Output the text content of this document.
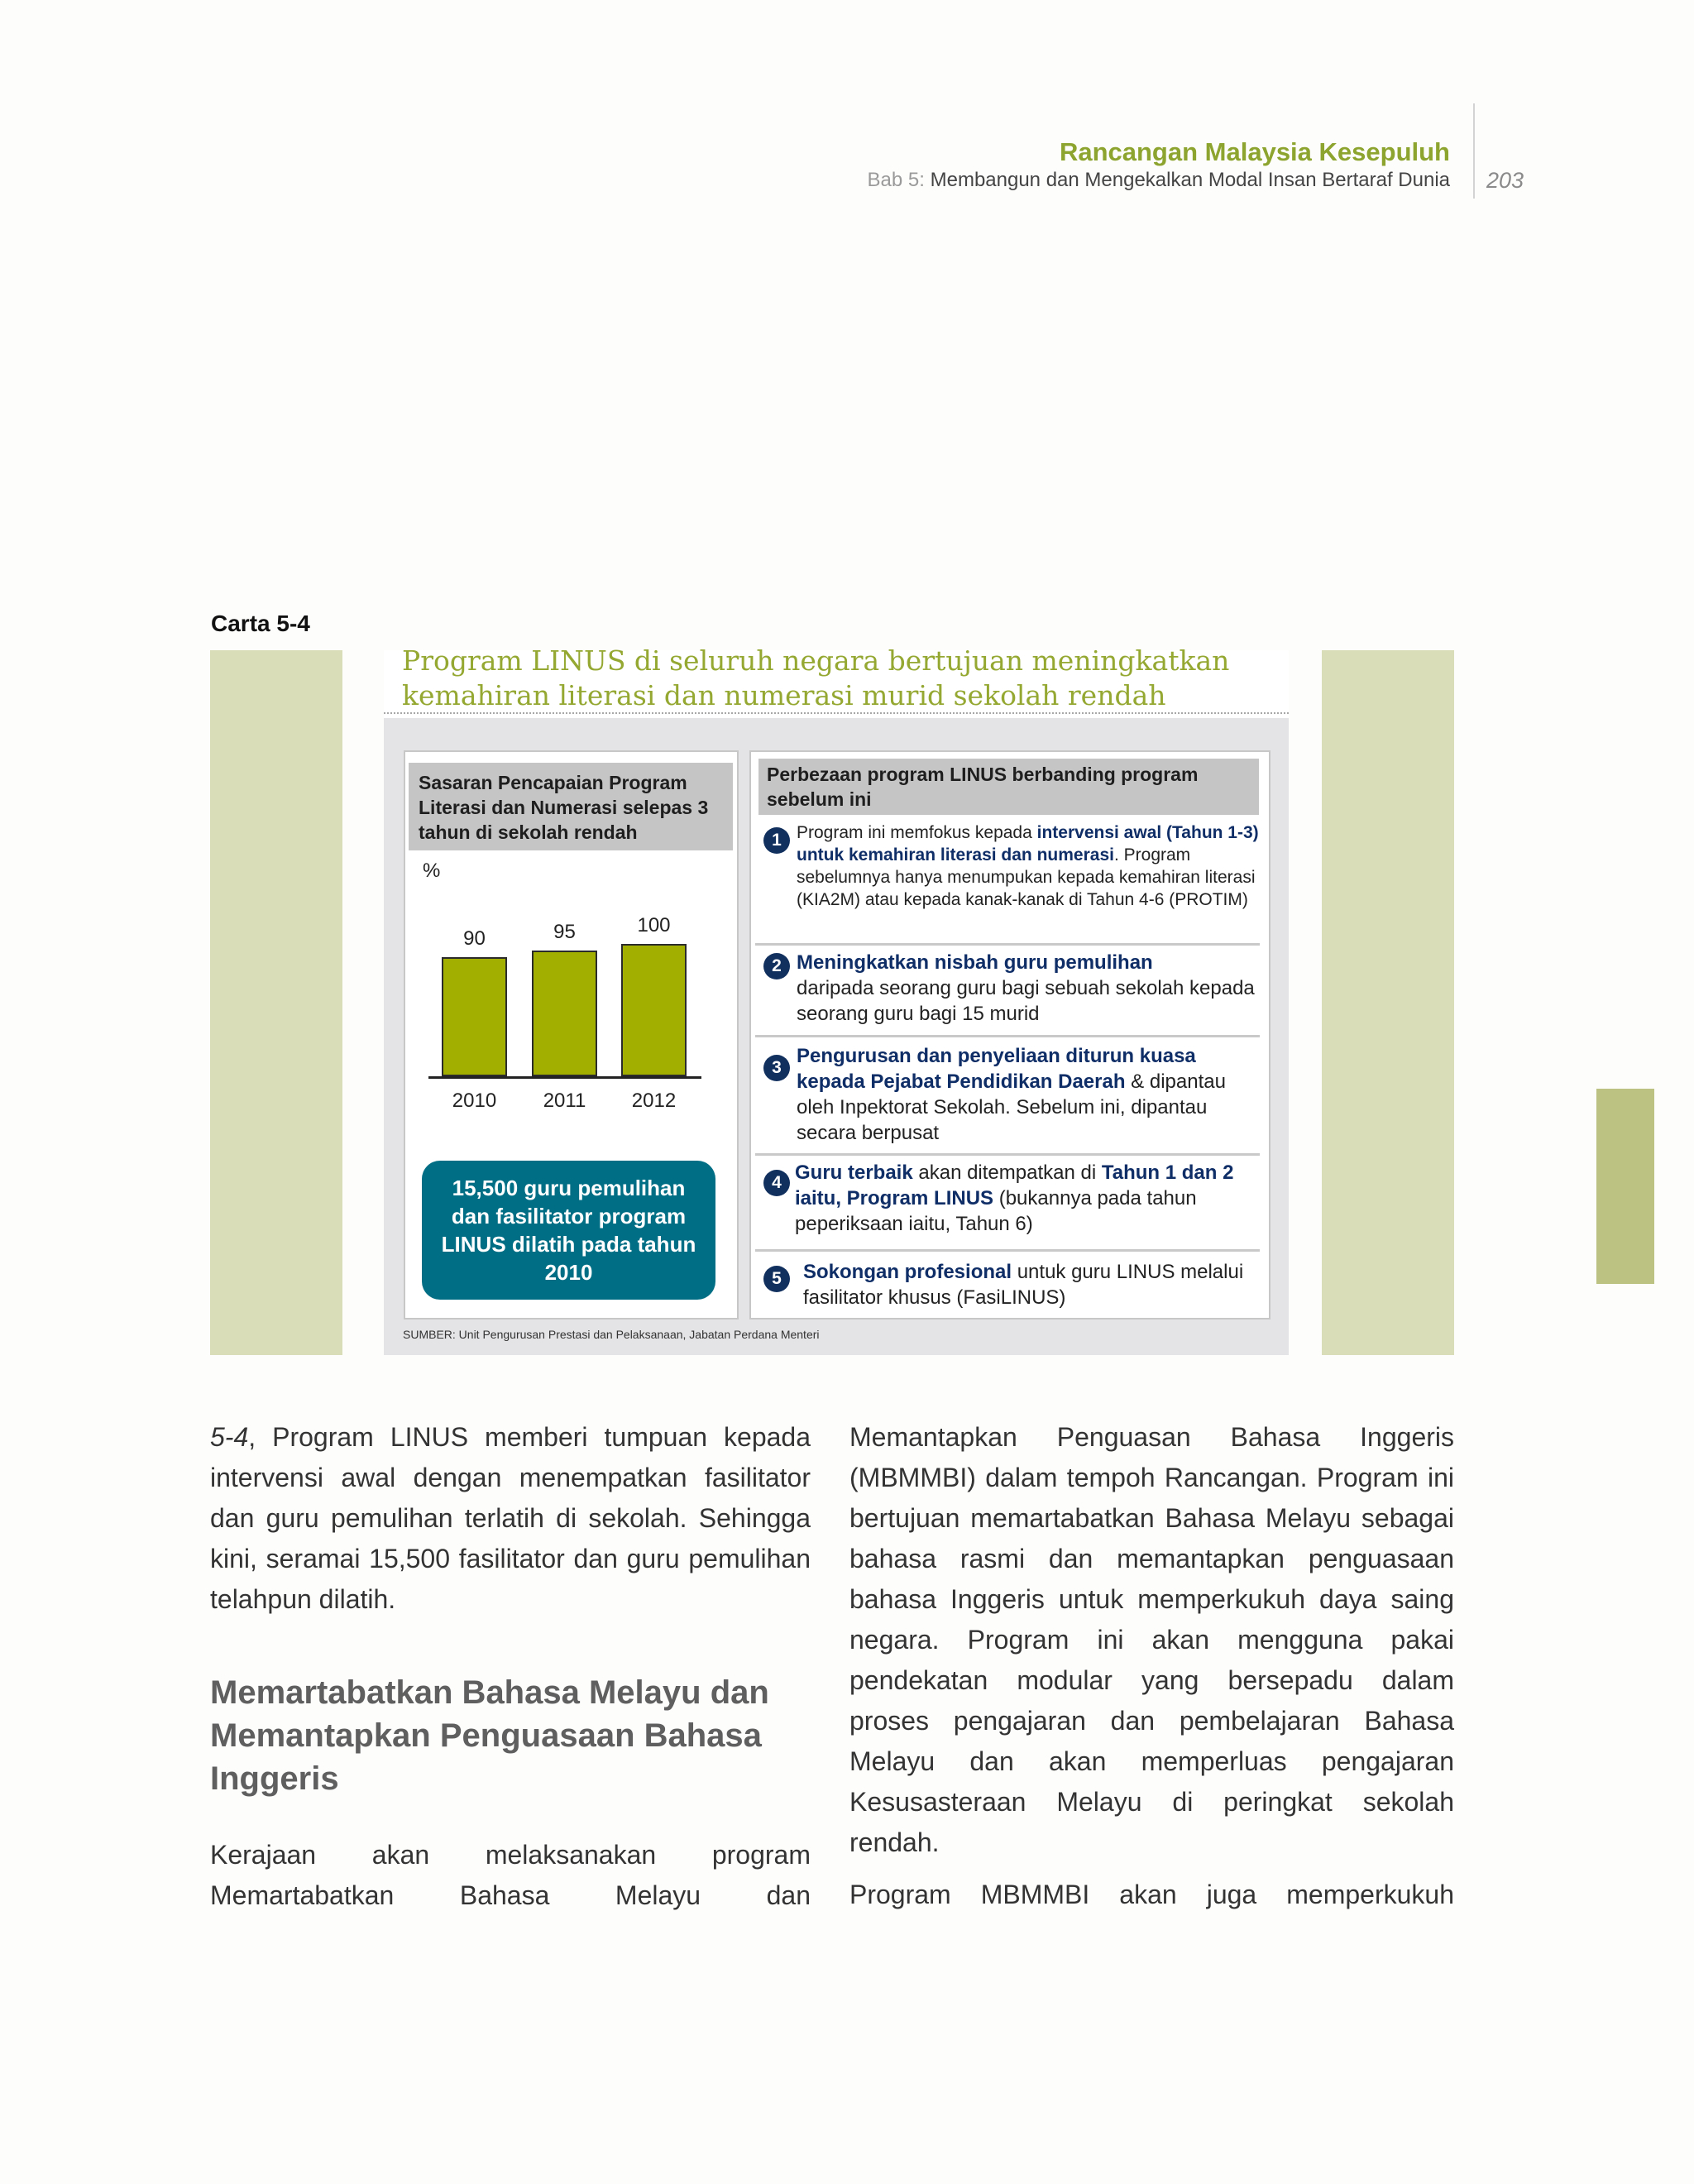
Rancangan Malaysia Kesepuluh
Bab 5: Membangun dan Mengekalkan Modal Insan Bertaraf Dunia 203
Carta 5-4
Program LINUS di seluruh negara bertujuan meningkatkan
kemahiran literasi dan numerasi murid sekolah rendah
Sasaran Pencapaian Program Literasi dan Numerasi selepas 3 tahun di sekolah rendah
%
90	95	100
2010	2011	2012
15,500 guru pemulihan dan fasilitator program LINUS dilatih pada tahun 2010
Perbezaan program LINUS berbanding program sebelum ini
1 Program ini memfokus kepada intervensi awal (Tahun 1-3) untuk kemahiran literasi dan numerasi. Program sebelumnya hanya menumpukan kepada kemahiran literasi (KIA2M) atau kepada kanak-kanak di Tahun 4-6 (PROTIM)
2 Meningkatkan nisbah guru pemulihan
daripada seorang guru bagi sebuah sekolah kepada seorang guru bagi 15 murid
3
Pengurusan dan penyeliaan diturun kuasa kepada Pejabat Pendidikan Daerah & dipantau oleh Inpektorat Sekolah. Sebelum ini, dipantau secara berpusat
4 Guru terbaik akan ditempatkan di Tahun 1 dan 2 iaitu, Program LINUS (bukannya pada tahun peperiksaan iaitu, Tahun 6)
5	Sokongan profesional untuk guru LINUS melalui fasilitator khusus (FasiLINUS)
SUMBER: Unit Pengurusan Prestasi dan Pelaksanaan, Jabatan Perdana Menteri

5-4, Program LINUS memberi tumpuan kepada intervensi awal dengan menempatkan fasilitator dan guru pemulihan terlatih di sekolah. Sehingga kini, seramai 15,500 fasilitator dan guru pemulihan telahpun dilatih.

Memartabatkan Bahasa Melayu dan Memantapkan Penguasaan Bahasa Inggeris

Kerajaan akan melaksanakan program Memartabatkan Bahasa Melayu dan

Memantapkan Penguasan Bahasa Inggeris (MBMMBI) dalam tempoh Rancangan. Program ini bertujuan memartabatkan Bahasa Melayu sebagai bahasa rasmi dan memantapkan penguasaan bahasa Inggeris untuk memperkukuh daya saing negara. Program ini akan mengguna pakai pendekatan modular yang bersepadu dalam proses pengajaran dan pembelajaran Bahasa Melayu dan akan memperluas pengajaran Kesusasteraan Melayu di peringkat sekolah rendah.

Program MBMMBI akan juga memperkukuh
